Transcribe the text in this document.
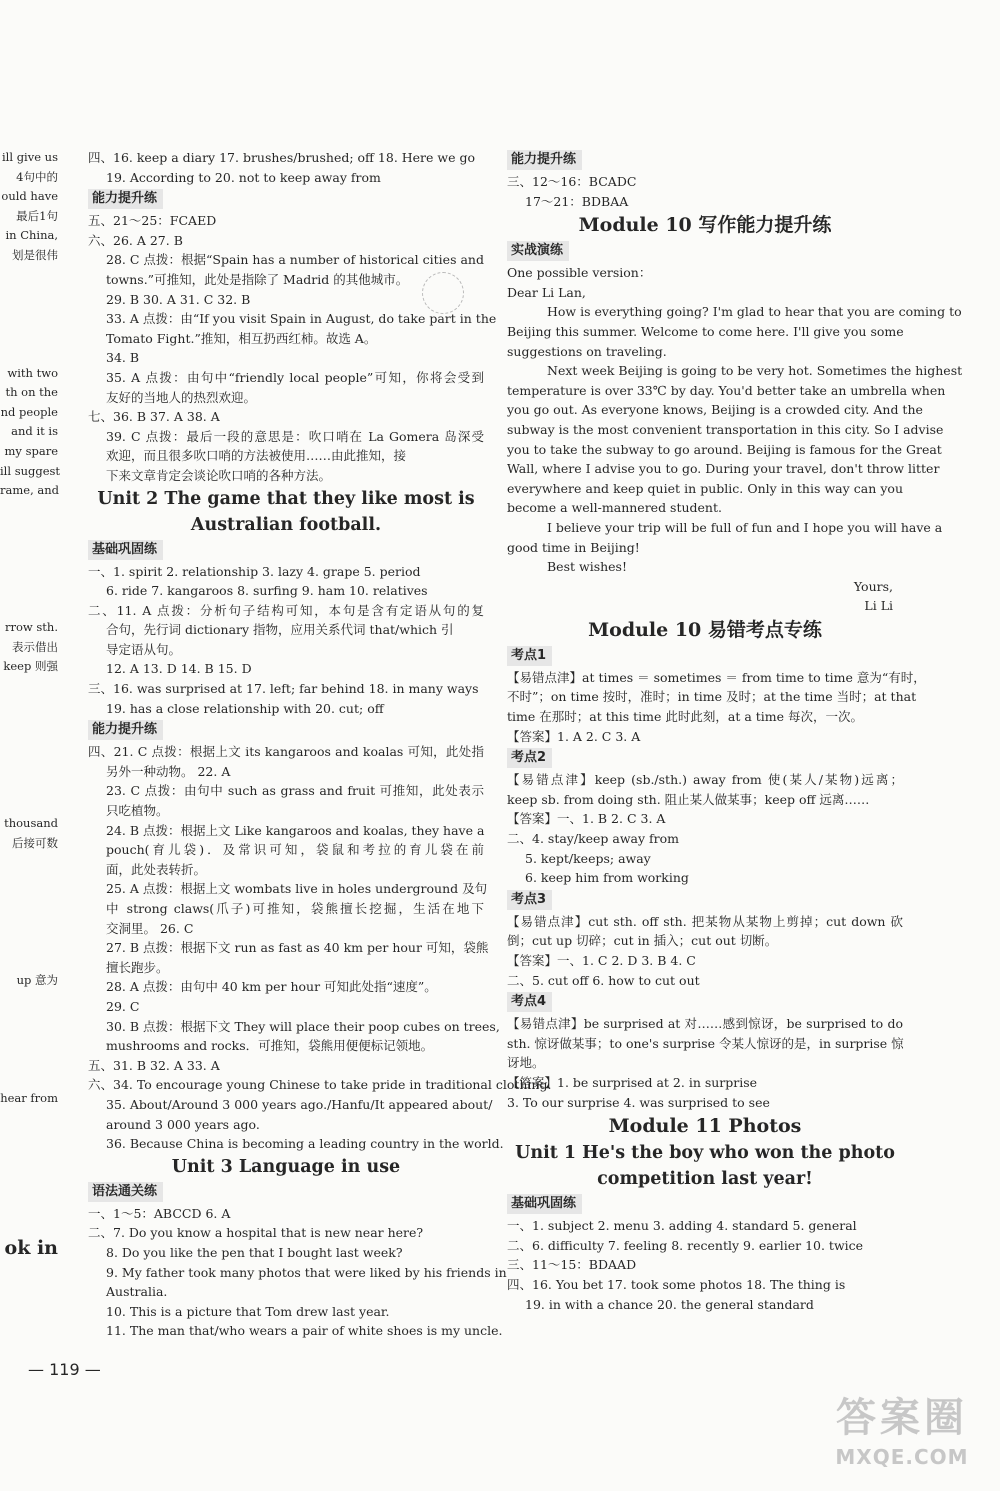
ill give us
4句中的
ould have
最后1句
in China,
划是很伟

with two
th on the
nd people
and it is
my spare
ill suggest
rame, and

rrow sth.
表示借出
keep 则强

thousand
后接可数

up 意为

hear from

ok in
四、16. keep a diary 17. brushes/brushed; off 18. Here we go
19. According to 20. not to keep away from
能力提升练
五、21～25：FCAED
六、26. A 27. B
28. C 点拨：根据“Spain has a number of historical cities and
towns.”可推知，此处是指除了 Madrid 的其他城市。
29. B 30. A 31. C 32. B
33. A 点拨：由“If you visit Spain in August, do take part in the
Tomato Fight.”推知，相互扔西红柿。故选 A。
34. B
35. A 点拨：由句中“friendly local people”可知，你将会受到
友好的当地人的热烈欢迎。
七、36. B 37. A 38. A
39. C 点拨：最后一段的意思是：吹口哨在 La Gomera 岛深受
欢迎，而且很多吹口哨的方法被使用……由此推知，接
下来文章肯定会谈论吹口哨的各种方法。
Unit 2 The game that they like most is
Australian football.
基础巩固练
一、1. spirit 2. relationship 3. lazy 4. grape 5. period
6. ride 7. kangaroos 8. surfing 9. ham 10. relatives
二、11. A 点拨：分析句子结构可知，本句是含有定语从句的复
合句，先行词 dictionary 指物，应用关系代词 that/which 引
导定语从句。
12. A 13. D 14. B 15. D
三、16. was surprised at 17. left; far behind 18. in many ways
19. has a close relationship with 20. cut; off
能力提升练
四、21. C 点拨：根据上文 its kangaroos and koalas 可知，此处指
另外一种动物。 22. A
23. C 点拨：由句中 such as grass and fruit 可推知，此处表示
只吃植物。
24. B 点拨：根据上文 Like kangaroos and koalas, they have a
pouch(育儿袋)．及常识可知，袋鼠和考拉的育儿袋在前
面，此处表转折。
25. A 点拨：根据上文 wombats live in holes underground 及句
中 strong claws(爪子)可推知，袋熊擅长挖掘，生活在地下
交洞里。 26. C
27. B 点拨：根据下文 run as fast as 40 km per hour 可知，袋熊
擅长跑步。
28. A 点拨：由句中 40 km per hour 可知此处指“速度”。
29. C
30. B 点拨：根据下文 They will place their poop cubes on trees,
mushrooms and rocks．可推知，袋熊用便便标记领地。
五、31. B 32. A 33. A
六、34. To encourage young Chinese to take pride in traditional clothing.
35. About/Around 3 000 years ago./Hanfu/It appeared about/
around 3 000 years ago.
36. Because China is becoming a leading country in the world.
Unit 3 Language in use
语法通关练
一、1～5：ABCCD 6. A
二、7. Do you know a hospital that is new near here?
8. Do you like the pen that I bought last week?
9. My father took many photos that were liked by his friends in
Australia.
10. This is a picture that Tom drew last year.
11. The man that/who wears a pair of white shoes is my uncle.
能力提升练
三、12～16：BCADC
17～21：BDBAA
Module 10 写作能力提升练
实战演练
One possible version：
Dear Li Lan,
How is everything going? I'm glad to hear that you are coming to
Beijing this summer. Welcome to come here. I'll give you some
suggestions on traveling.
Next week Beijing is going to be very hot. Sometimes the highest
temperature is over 33℃ by day. You'd better take an umbrella when
you go out. As everyone knows, Beijing is a crowded city. And the
subway is the most convenient transportation in this city. So I advise
you to take the subway to go around. Beijing is famous for the Great
Wall, where I advise you to go. During your travel, don't throw litter
everywhere and keep quiet in public. Only in this way can you
become a well-mannered student.
I believe your trip will be full of fun and I hope you will have a
good time in Beijing!
Best wishes!
Yours,
Li Li
Module 10 易错考点专练
考点1
【易错点津】at times ＝ sometimes ＝ from time to time 意为“有时，
不时”；on time 按时，准时；in time 及时；at the time 当时；at that
time 在那时；at this time 此时此刻，at a time 每次，一次。
【答案】1. A 2. C 3. A
考点2
【易错点津】keep (sb./sth.) away from 使(某人/某物)远离；
keep sb. from doing sth. 阻止某人做某事；keep off 远离……
【答案】一、1. B 2. C 3. A
二、4. stay/keep away from
5. kept/keeps; away
6. keep him from working
考点3
【易错点津】cut sth. off sth. 把某物从某物上剪掉；cut down 砍
倒；cut up 切碎；cut in 插入；cut out 切断。
【答案】一、1. C 2. D 3. B 4. C
二、5. cut off 6. how to cut out
考点4
【易错点津】be surprised at 对……感到惊讶，be surprised to do
sth. 惊讶做某事；to one's surprise 令某人惊讶的是，in surprise 惊
讶地。
【答案】1. be surprised at 2. in surprise
3. To our surprise 4. was surprised to see
Module 11 Photos
Unit 1 He's the boy who won the photo
competition last year!
基础巩固练
一、1. subject 2. menu 3. adding 4. standard 5. general
二、6. difficulty 7. feeling 8. recently 9. earlier 10. twice
三、11～15：BDAAD
四、16. You bet 17. took some photos 18. The thing is
19. in with a chance 20. the general standard
— 119 —
答案圈
MXQE.COM
